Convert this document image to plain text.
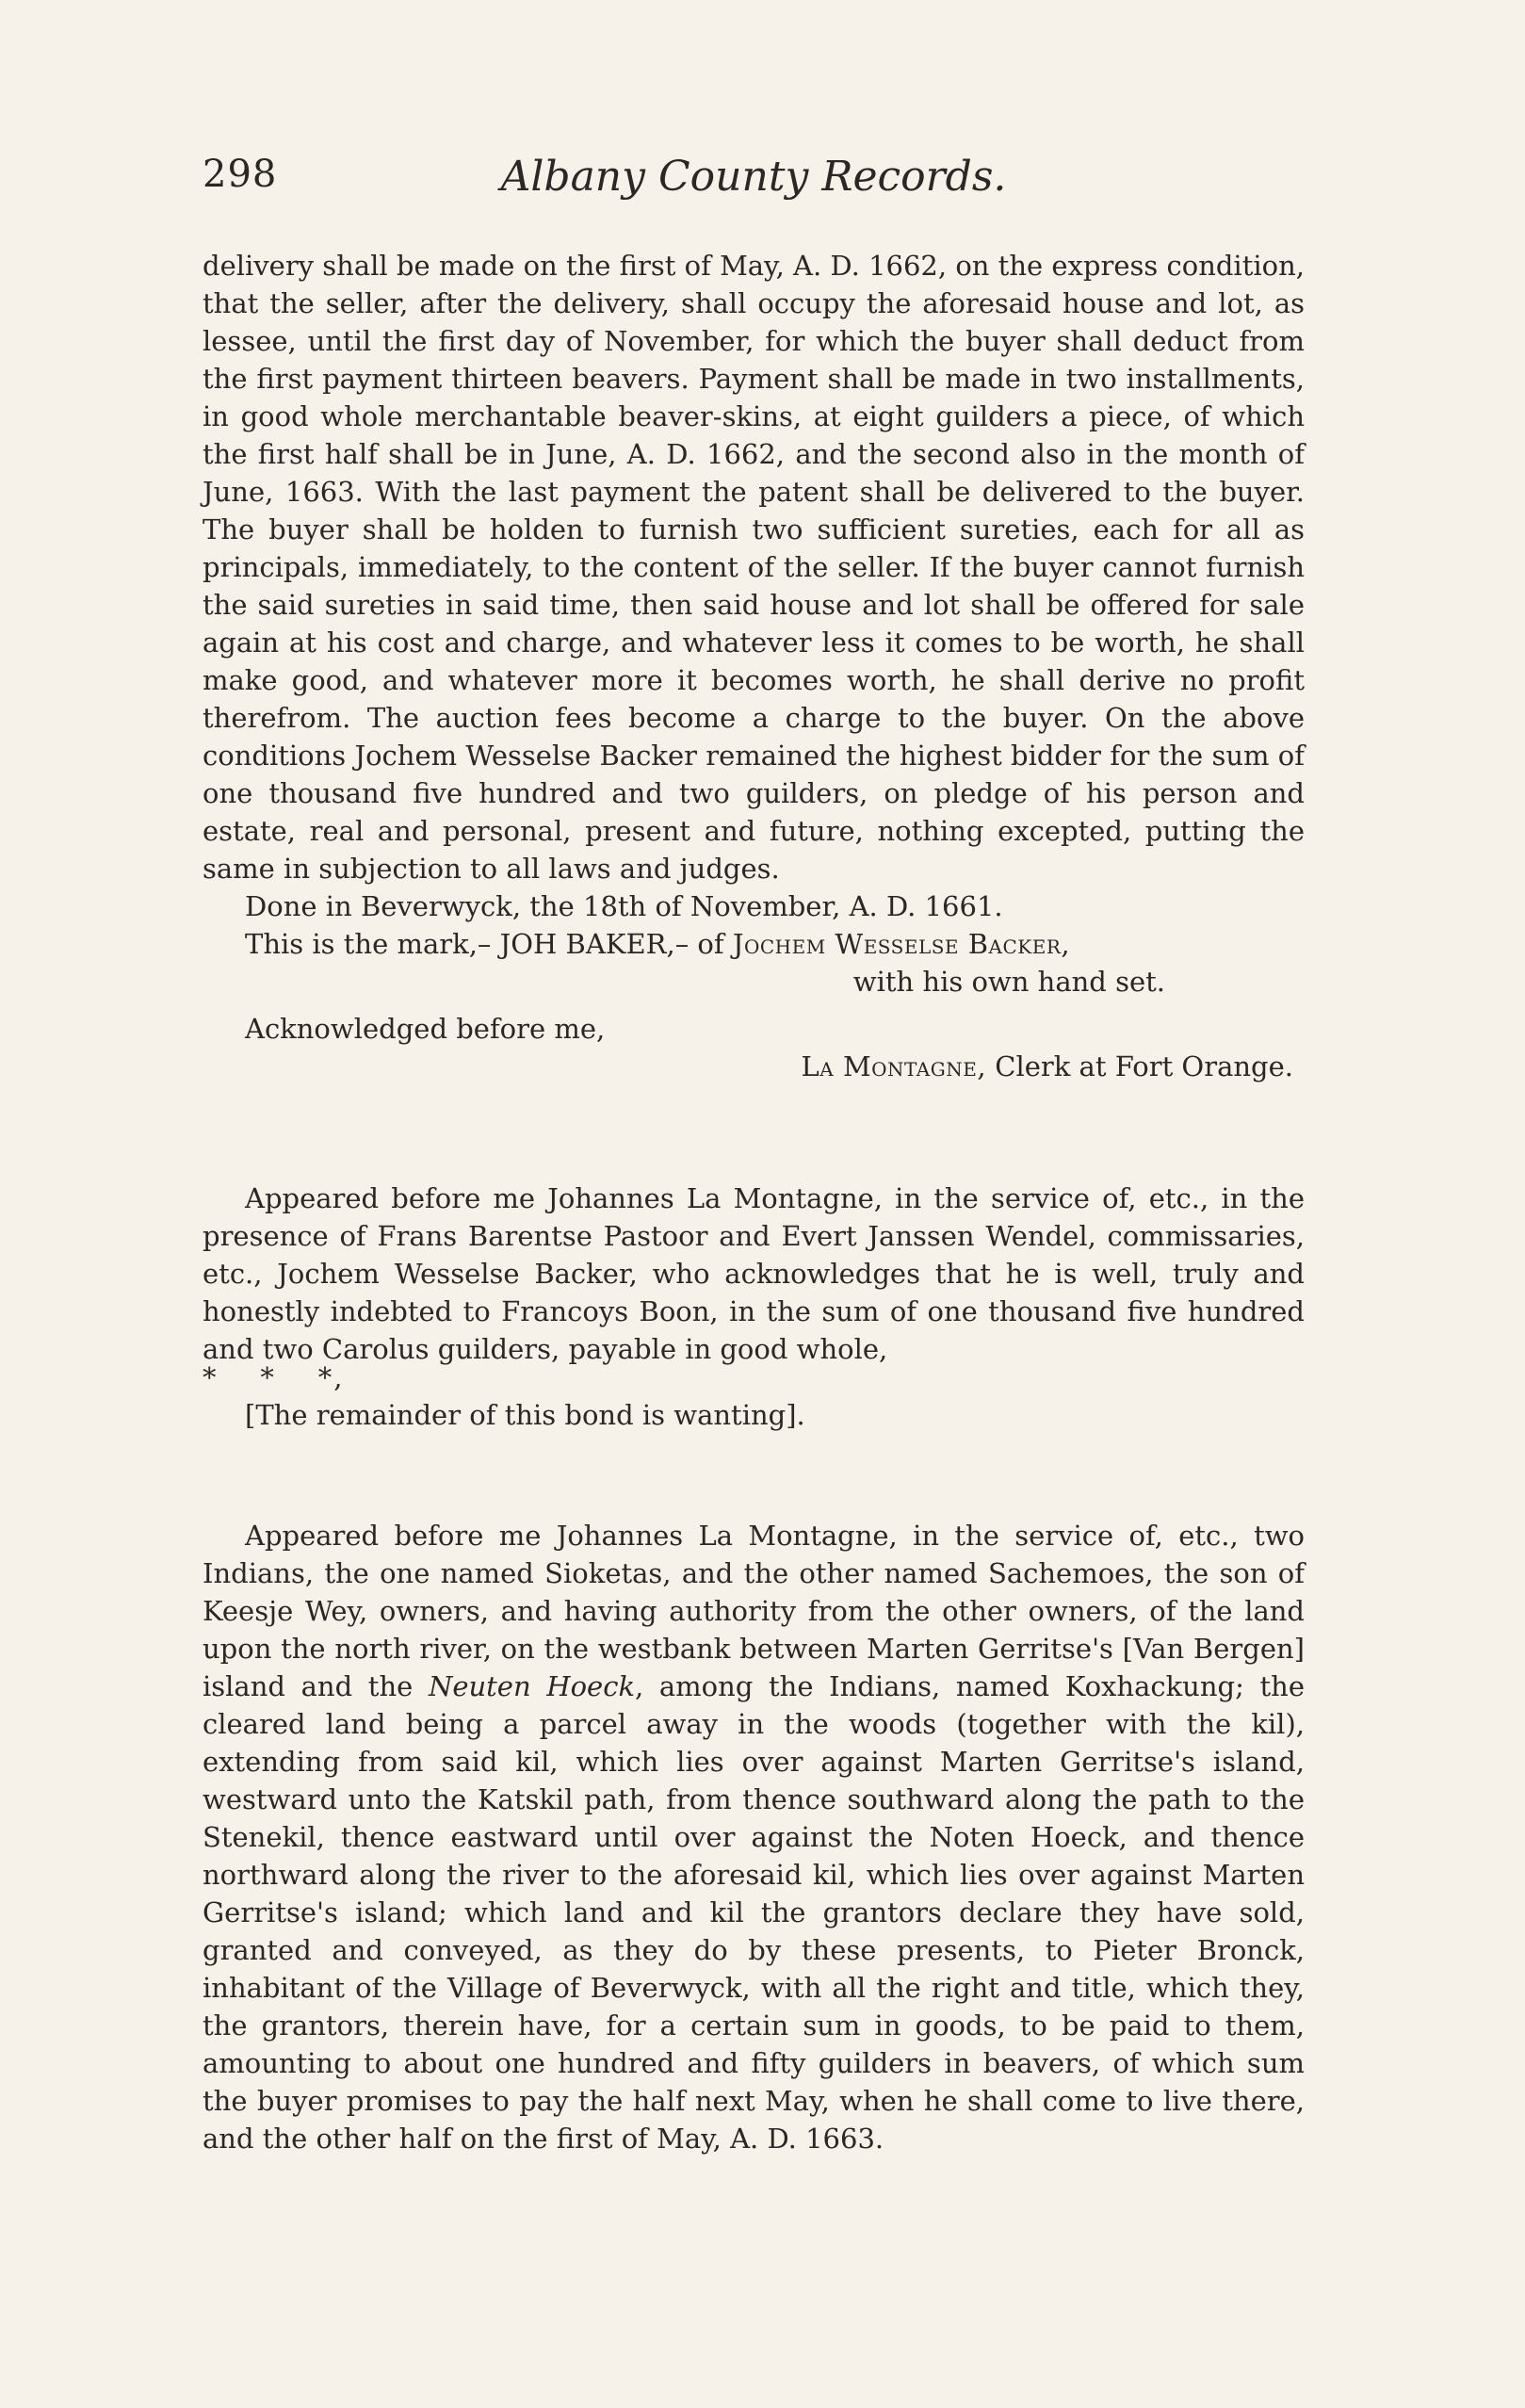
298	Albany County Records.

delivery shall be made on the first of May, A. D. 1662, on the express condition, that the seller, after the delivery, shall occupy the aforesaid house and lot, as lessee, until the first day of November, for which the buyer shall deduct from the first payment thirteen beavers. Payment shall be made in two installments, in good whole merchantable beaver-skins, at eight guilders a piece, of which the first half shall be in June, A. D. 1662, and the second also in the month of June, 1663. With the last payment the patent shall be delivered to the buyer. The buyer shall be holden to furnish two sufficient sureties, each for all as principals, immediately, to the content of the seller. If the buyer cannot furnish the said sureties in said time, then said house and lot shall be offered for sale again at his cost and charge, and whatever less it comes to be worth, he shall make good, and whatever more it becomes worth, he shall derive no profit therefrom. The auction fees become a charge to the buyer. On the above conditions Jochem Wesselse Backer remained the highest bidder for the sum of one thousand five hundred and two guilders, on pledge of his person and estate, real and personal, present and future, nothing excepted, putting the same in subjection to all laws and judges.

Done in Beverwyck, the 18th of November, A. D. 1661.

This is the mark,– JOH BAKER,– of Jochem Wesselse Backer,

with his own hand set.

Acknowledged before me,

La Montagne, Clerk at Fort Orange.

Appeared before me Johannes La Montagne, in the service of, etc., in the presence of Frans Barentse Pastoor and Evert Janssen Wendel, commissaries, etc., Jochem Wesselse Backer, who acknowledges that he is well, truly and honestly indebted to Francoys Boon, in the sum of one thousand five hundred and two Carolus guilders, payable in good whole,

*    *    *,

[The remainder of this bond is wanting].

Appeared before me Johannes La Montagne, in the service of, etc., two Indians, the one named Sioketas, and the other named Sachemoes, the son of Keesje Wey, owners, and having authority from the other owners, of the land upon the north river, on the westbank between Marten Gerritse's [Van Bergen] island and the Neuten Hoeck, among the Indians, named Koxhackung; the cleared land being a parcel away in the woods (together with the kil), extending from said kil, which lies over against Marten Gerritse's island, westward unto the Katskil path, from thence southward along the path to the Stenekil, thence eastward until over against the Noten Hoeck, and thence northward along the river to the aforesaid kil, which lies over against Marten Gerritse's island; which land and kil the grantors declare they have sold, granted and conveyed, as they do by these presents, to Pieter Bronck, inhabitant of the Village of Beverwyck, with all the right and title, which they, the grantors, therein have, for a certain sum in goods, to be paid to them, amounting to about one hundred and fifty guilders in beavers, of which sum the buyer promises to pay the half next May, when he shall come to live there, and the other half on the first of May, A. D. 1663.
